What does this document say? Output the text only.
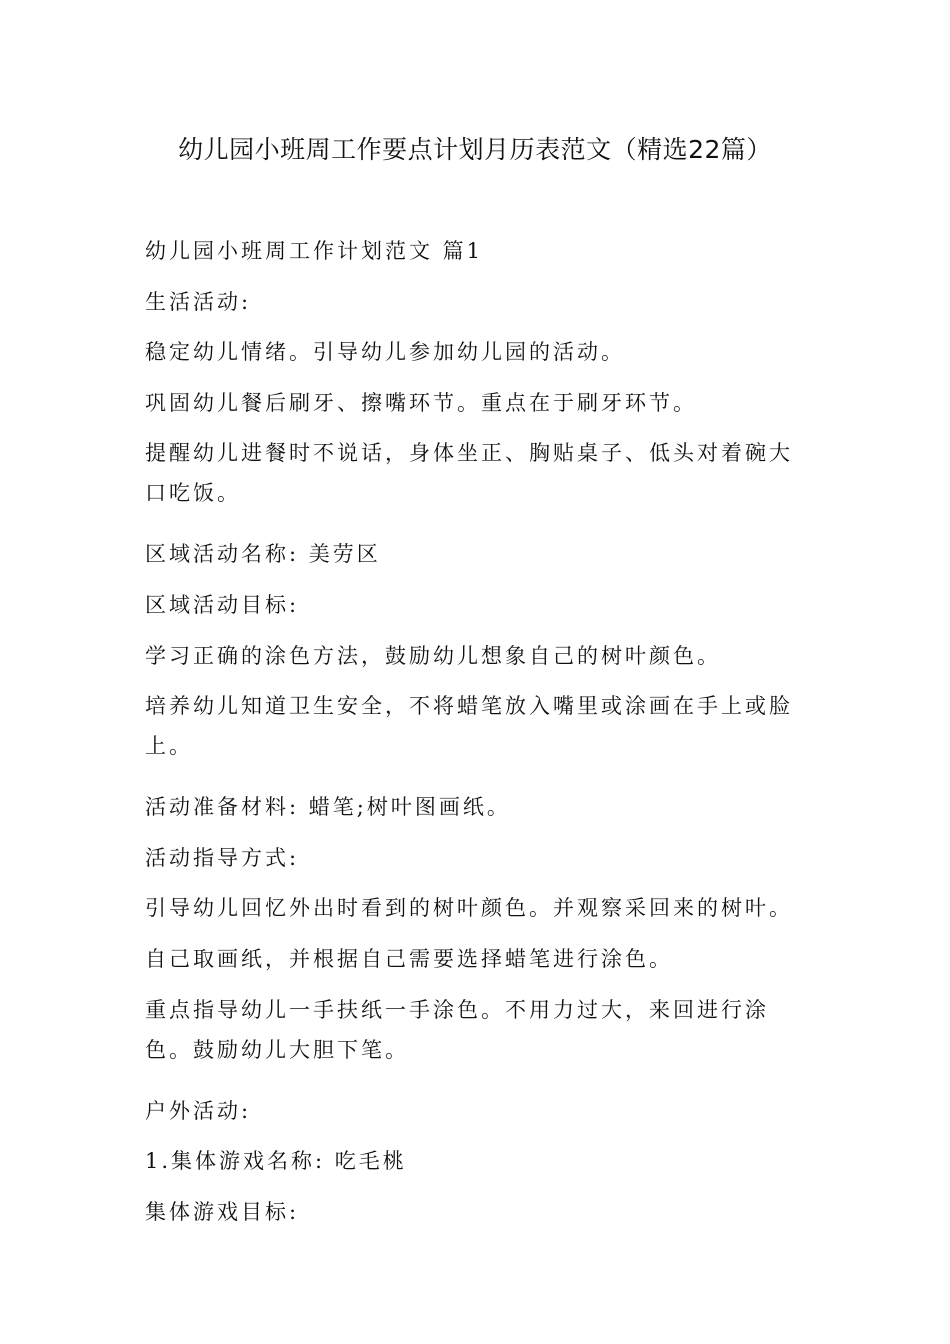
幼儿园小班周工作要点计划月历表范文（精选22篇）

幼儿园小班周工作计划范文 篇1

生活活动:

稳定幼儿情绪。引导幼儿参加幼儿园的活动。

巩固幼儿餐后刷牙、擦嘴环节。重点在于刷牙环节。

提醒幼儿进餐时不说话，身体坐正、胸贴桌子、低头对着碗大

口吃饭。

区域活动名称: 美劳区

区域活动目标:

学习正确的涂色方法，鼓励幼儿想象自己的树叶颜色。

培养幼儿知道卫生安全，不将蜡笔放入嘴里或涂画在手上或脸

上。

活动准备材料: 蜡笔;树叶图画纸。

活动指导方式:

引导幼儿回忆外出时看到的树叶颜色。并观察采回来的树叶。

自己取画纸，并根据自己需要选择蜡笔进行涂色。

重点指导幼儿一手扶纸一手涂色。不用力过大，来回进行涂

色。鼓励幼儿大胆下笔。

户外活动:

1.集体游戏名称: 吃毛桃

集体游戏目标:
